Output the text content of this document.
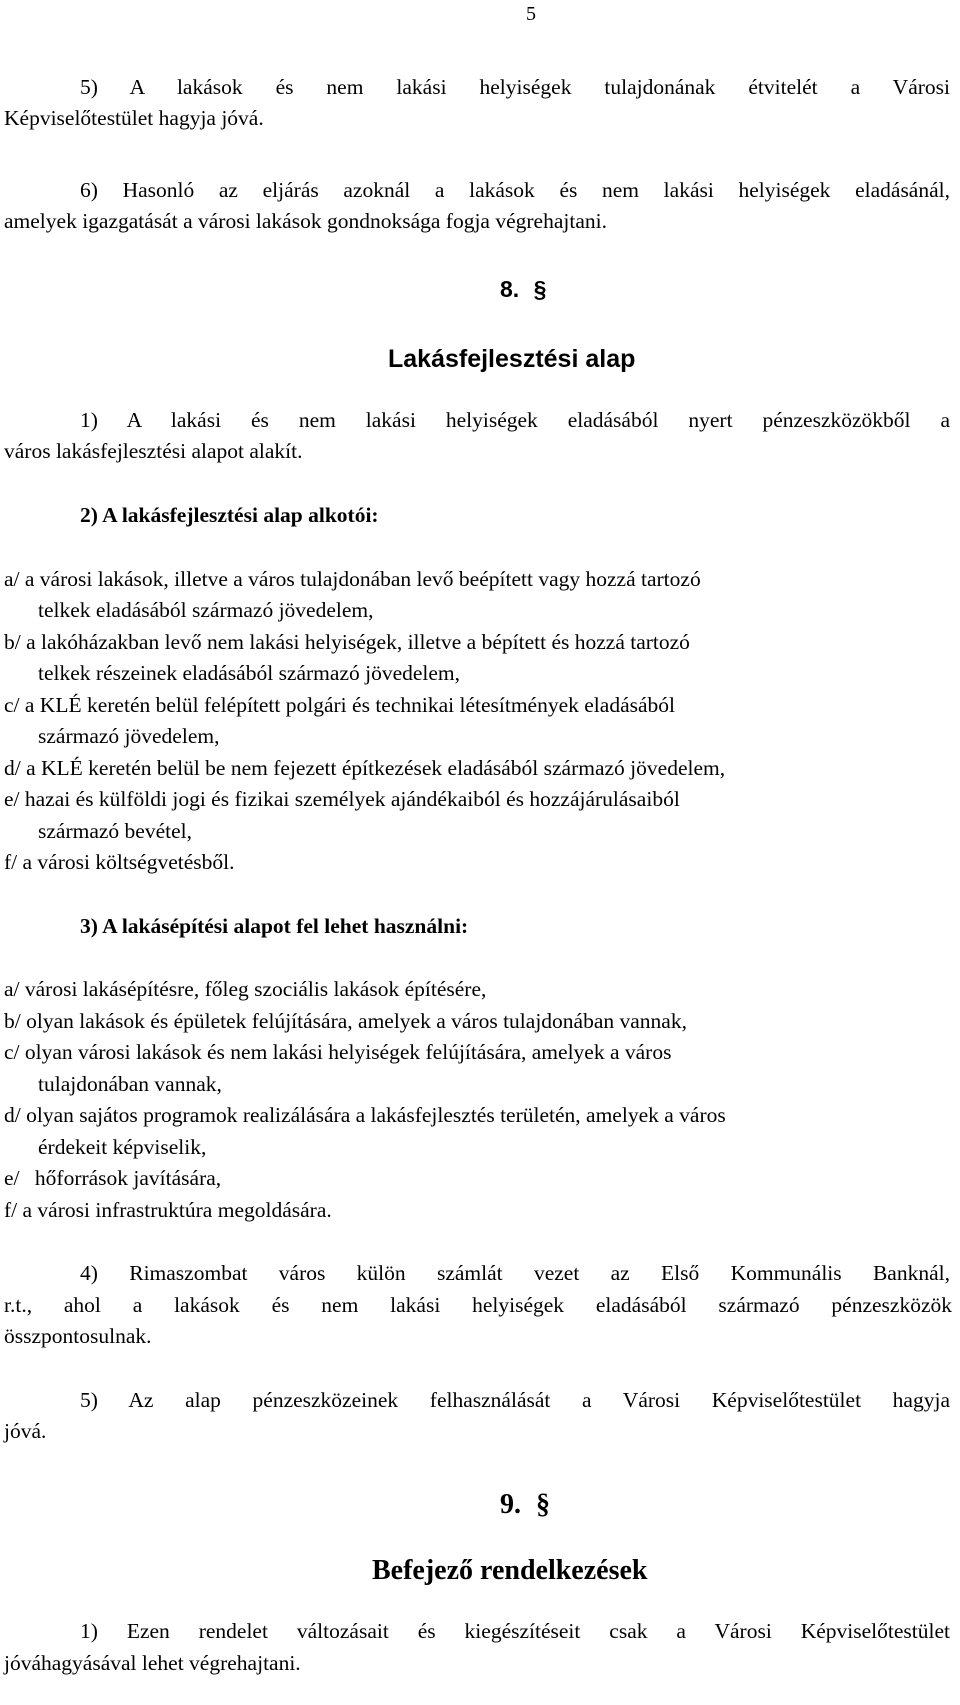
5
5) A lakások és nem lakási helyiségek tulajdonának étvitelét a Városi
Képviselőtestület hagyja jóvá.
6) Hasonló az eljárás azoknál a lakások és nem lakási helyiségek eladásánál,
amelyek igazgatását a városi lakások gondnoksága fogja végrehajtani.
8. §
Lakásfejlesztési alap
1) A lakási és nem lakási helyiségek eladásából nyert pénzeszközökből a
város lakásfejlesztési alapot alakít.
2) A lakásfejlesztési alap alkotói:
a/ a városi lakások, illetve a város tulajdonában levő beépített vagy hozzá tartozó
telkek eladásából származó jövedelem,
b/ a lakóházakban levő nem lakási helyiségek, illetve a bépített és hozzá tartozó
telkek részeinek eladásából származó jövedelem,
c/ a KLÉ keretén belül felépített polgári és technikai létesítmények eladásából
származó jövedelem,
d/ a KLÉ keretén belül be nem fejezett építkezések eladásából származó jövedelem,
e/ hazai és külföldi jogi és fizikai személyek ajándékaiból és hozzájárulásaiból
származó bevétel,
f/ a városi költségvetésből.
3) A lakásépítési alapot fel lehet használni:
a/ városi lakásépítésre, főleg szociális lakások építésére,
b/ olyan lakások és épületek felújítására, amelyek a város tulajdonában vannak,
c/ olyan városi lakások és nem lakási helyiségek felújítására, amelyek a város
tulajdonában vannak,
d/ olyan sajátos programok realizálására a lakásfejlesztés területén, amelyek a város
érdekeit képviselik,
e/ hőforrások javítására,
f/ a városi infrastruktúra megoldására.
4) Rimaszombat város külön számlát vezet az Első Kommunális Banknál,
r.t., ahol a lakások és nem lakási helyiségek eladásából származó pénzeszközök
összpontosulnak.
5) Az alap pénzeszközeinek felhasználását a Városi Képviselőtestület hagyja
jóvá.
9. §
Befejező rendelkezések
1) Ezen rendelet változásait és kiegészítéseit csak a Városi Képviselőtestület
jóváhagyásával lehet végrehajtani.
